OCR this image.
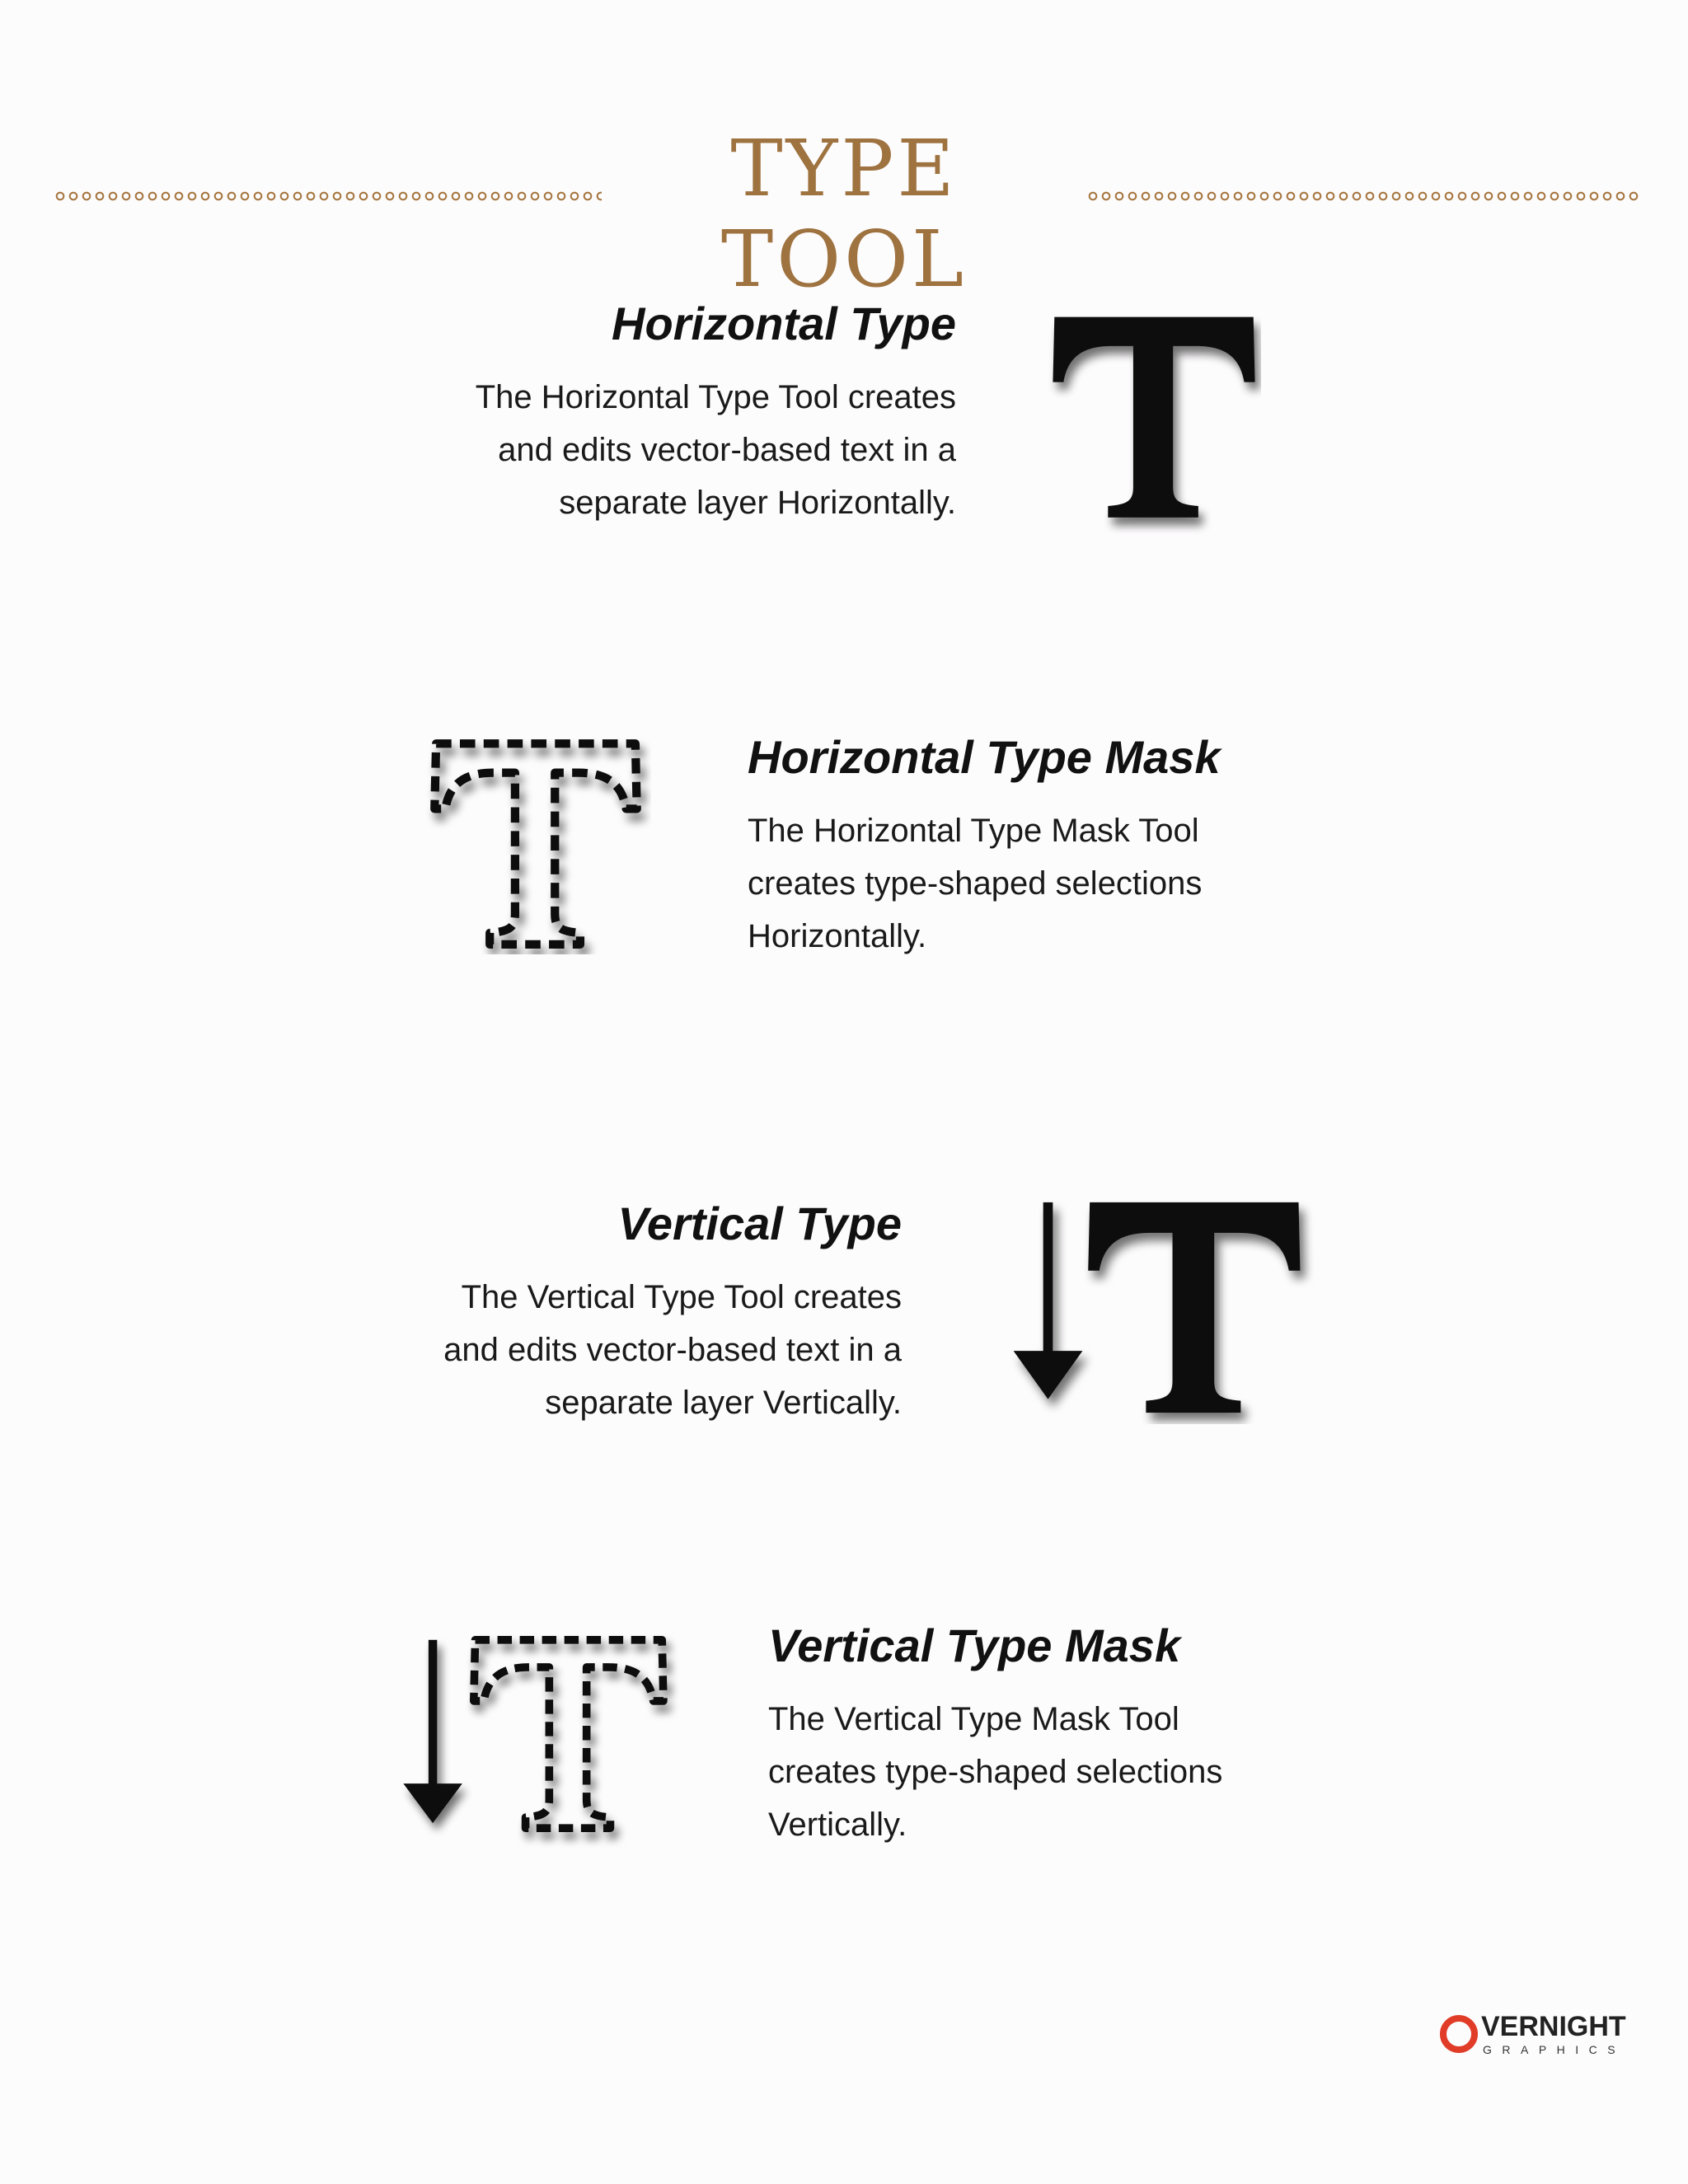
TYPE TOOL
Horizontal Type
The Horizontal Type Tool creates
and edits vector-based text in a
separate layer Horizontally.
Horizontal Type Mask
The Horizontal Type Mask Tool
creates type-shaped selections
Horizontally.
Vertical Type
The Vertical Type Tool creates
and edits vector-based text in a
separate layer Vertically.
Vertical Type Mask
The Vertical Type Mask Tool
creates type-shaped selections
Vertically.
VERNIGHT
GRAPHICS
